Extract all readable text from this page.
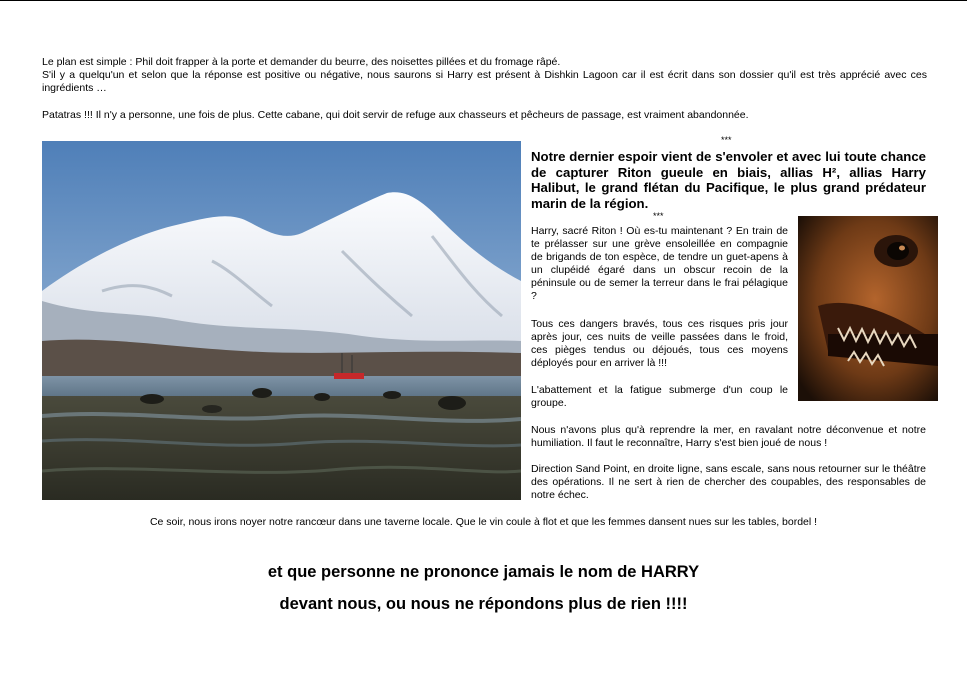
Le plan est simple : Phil doit frapper à la porte et demander du beurre, des noisettes pillées et du fromage râpé.

S'il y a quelqu'un et selon que la réponse est positive ou négative, nous saurons si Harry est présent à Dishkin Lagoon car il est écrit dans son dossier qu'il est très apprécié avec ces ingrédients …

Patatras !!! Il n'y a personne, une fois de plus. Cette cabane, qui doit servir de refuge aux chasseurs et pêcheurs de passage, est vraiment abandonnée.

***
Notre dernier espoir vient de s'envoler et avec lui toute chance de capturer Riton gueule en biais, allias H², allias Harry Halibut, le grand flétan du Pacifique, le plus grand prédateur marin de la région.
***

Harry, sacré Riton ! Où es-tu maintenant ? En train de te prélasser sur une grève ensoleillée en compagnie de brigands de ton espèce, de tendre un guet-apens à un clupéidé égaré dans un obscur recoin de la péninsule ou de semer la terreur dans le frai pélagique ?

Tous ces dangers bravés, tous ces risques pris jour après jour, ces nuits de veille passées dans le froid, ces pièges tendus ou déjoués, tous ces moyens déployés pour en arriver là !!!

L'abattement et la fatigue submerge d'un coup le groupe.

Nous n'avons plus qu'à reprendre la mer, en ravalant notre déconvenue et notre humiliation. Il faut le reconnaître, Harry s'est bien joué de nous !

Direction Sand Point, en droite ligne, sans escale, sans nous retourner sur le théâtre des opérations. Il ne sert à rien de chercher des coupables, des responsables de notre échec.

Ce soir, nous irons noyer notre rancœur dans une taverne locale. Que le vin coule à flot et que les femmes dansent nues sur les tables, bordel !

et que personne ne prononce jamais le nom de HARRY
devant nous, ou nous ne répondons plus de rien !!!!
